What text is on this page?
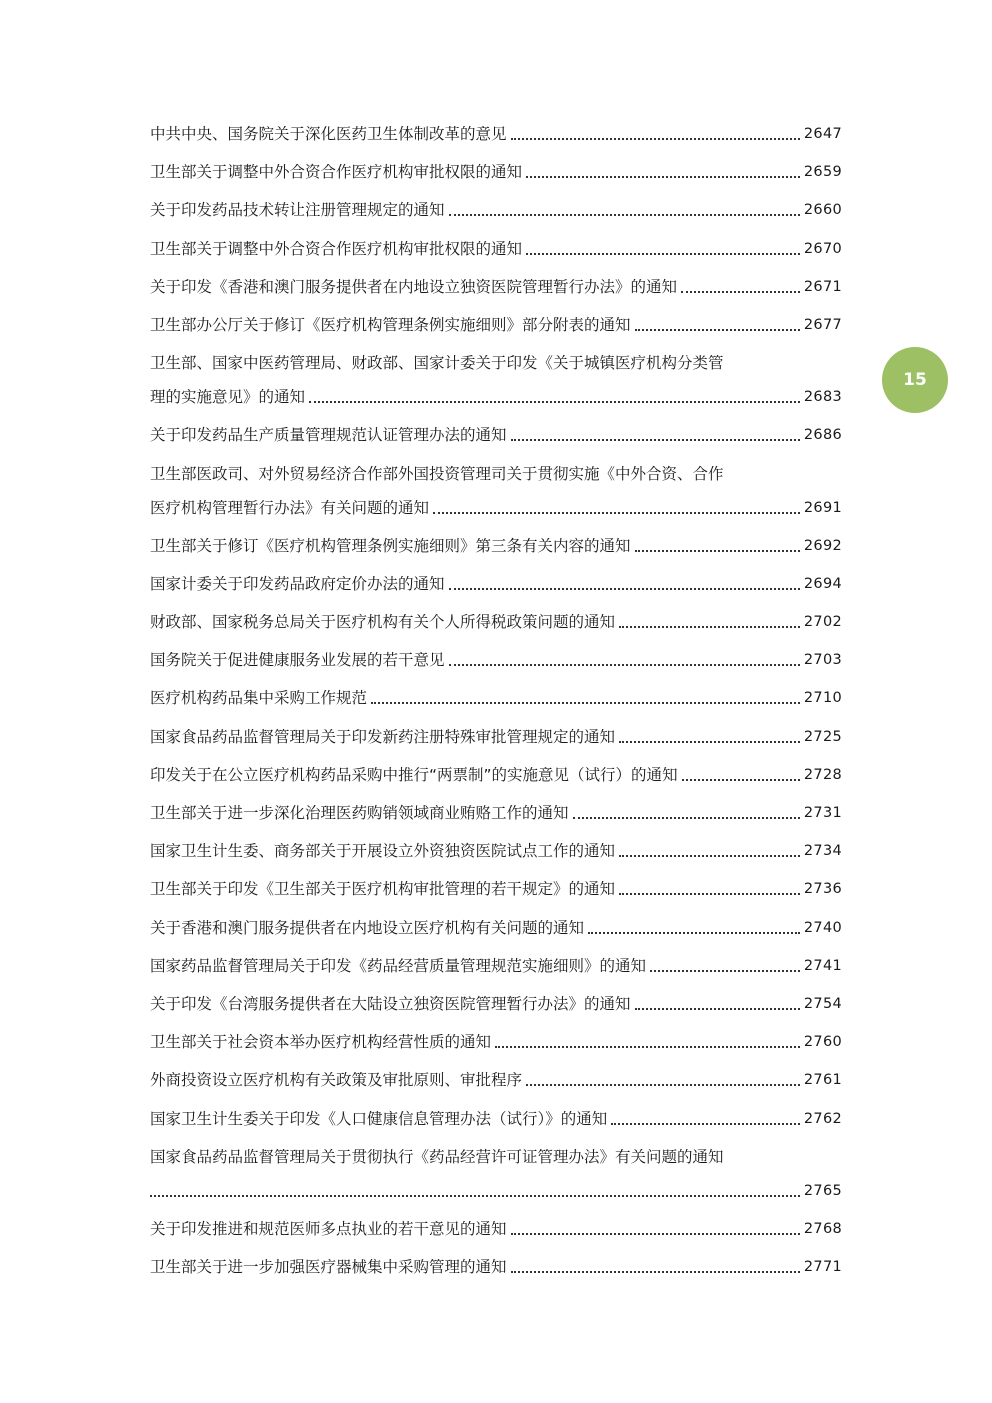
中共中央、国务院关于深化医药卫生体制改革的意见	2647
卫生部关于调整中外合资合作医疗机构审批权限的通知	2659
关于印发药品技术转让注册管理规定的通知	2660
卫生部关于调整中外合资合作医疗机构审批权限的通知	2670
关于印发《香港和澳门服务提供者在内地设立独资医院管理暂行办法》的通知	2671
卫生部办公厅关于修订《医疗机构管理条例实施细则》部分附表的通知	2677
卫生部、国家中医药管理局、财政部、国家计委关于印发《关于城镇医疗机构分类管
理的实施意见》的通知	2683
关于印发药品生产质量管理规范认证管理办法的通知	2686
卫生部医政司、对外贸易经济合作部外国投资管理司关于贯彻实施《中外合资、合作
医疗机构管理暂行办法》有关问题的通知	2691
卫生部关于修订《医疗机构管理条例实施细则》第三条有关内容的通知	2692
国家计委关于印发药品政府定价办法的通知	2694
财政部、国家税务总局关于医疗机构有关个人所得税政策问题的通知	2702
国务院关于促进健康服务业发展的若干意见	2703
医疗机构药品集中采购工作规范	2710
国家食品药品监督管理局关于印发新药注册特殊审批管理规定的通知	2725
印发关于在公立医疗机构药品采购中推行“两票制”的实施意见（试行）的通知	2728
卫生部关于进一步深化治理医药购销领域商业贿赂工作的通知	2731
国家卫生计生委、商务部关于开展设立外资独资医院试点工作的通知	2734
卫生部关于印发《卫生部关于医疗机构审批管理的若干规定》的通知	2736
关于香港和澳门服务提供者在内地设立医疗机构有关问题的通知	2740
国家药品监督管理局关于印发《药品经营质量管理规范实施细则》的通知	2741
关于印发《台湾服务提供者在大陆设立独资医院管理暂行办法》的通知	2754
卫生部关于社会资本举办医疗机构经营性质的通知	2760
外商投资设立医疗机构有关政策及审批原则、审批程序	2761
国家卫生计生委关于印发《人口健康信息管理办法（试行）》的通知	2762
国家食品药品监督管理局关于贯彻执行《药品经营许可证管理办法》有关问题的通知
2765
关于印发推进和规范医师多点执业的若干意见的通知	2768
卫生部关于进一步加强医疗器械集中采购管理的通知	2771
15
